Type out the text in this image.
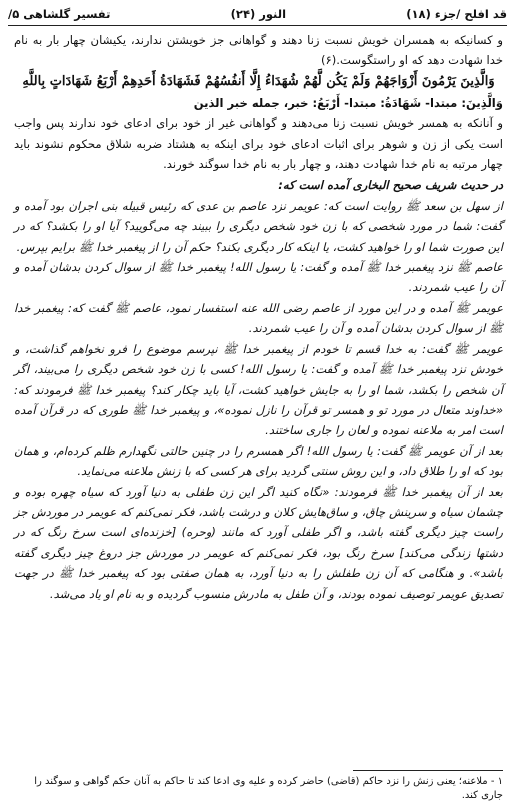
قد افلح /جزء (۱۸)
النور (۲۴)
تفسیر گلشاهی ۵/

و کسانیکه به همسران خویش نسبت زنا دهند و گواهانی جز خویشتن ندارند، یکیشان چهار بار به نام خدا شهادت دهد که او راستگوست.(۶)

وَالَّذِينَ يَرْمُونَ أَزْوَاجَهُمْ وَلَمْ يَكُن لَّهُمْ شُهَدَاءُ إِلَّا أَنفُسُهُمْ فَشَهَادَةُ أَحَدِهِمْ أَرْبَعُ شَهَادَاتٍ بِاللَّهِ

وَالَّذِينَ: مبتدا- شَهَادَةُ: مبتدا- أَرْبَعُ: خبر، جمله خبر الذین

و آنانکه به همسر خویش نسبت زنا می‌دهند و گواهانی غیر از خود برای ادعای خود ندارند پس واجب است یکی از زن و شوهر برای اثبات ادعای خود برای اینکه به هشتاد ضربه شلاق محکوم نشوند باید چهار مرتبه به نام خدا شهادت دهند، و چهار بار به نام خدا سوگند خورند.

در حدیث شریف صحیح البخاری آمده است که:

از سهل بن سعد ﷺ روایت است که: عویمر نزد عاصم بن عدی که رئیس قبیله بنی اجران بود آمده و گفت: شما در مورد شخصی که با زن خود شخص دیگری را ببیند چه می‌گویید؟ آیا او را بکشد؟ که در این صورت شما او را خواهید کشت، یا اینکه کار دیگری بکند؟ حکم آن را از پیغمبر خدا ﷺ برایم بپرس.

عاصم ﷺ نزد پیغمبر خدا ﷺ آمده و گفت: یا رسول الله! پیغمبر خدا ﷺ از سوال کردن بدشان آمده و آن را عیب شمردند.

عویمر ﷺ آمده و در این مورد از عاصم رضی الله عنه استفسار نمود، عاصم ﷺ گفت که: پیغمبر خدا ﷺ از سوال کردن بدشان آمده و آن را عیب شمردند.

عویمر ﷺ گفت: به خدا قسم تا خودم از پیغمبر خدا ﷺ نپرسم موضوع را فرو نخواهم گذاشت، و خودش نزد پیغمبر خدا ﷺ آمده و گفت: یا رسول الله! کسی با زن خود شخص دیگری را می‌بیند، اگر آن شخص را بکشد، شما او را به جایش خواهید کشت، آیا باید چکار کند؟ پیغمبر خدا ﷺ فرمودند که: «خداوند متعال در مورد تو و همسر تو قرآن را نازل نموده»، و پیغمبر خدا ﷺ طوری که در قرآن آمده است امر به ملاعنه نموده و لعان را جاری ساختند.

بعد از آن عویمر ﷺ گفت: یا رسول الله! اگر همسرم را در چنین حالتی نگهدارم ظلم کرده‌ام، و همان بود که او را طلاق داد، و این روش سنتی گردید برای هر کسی که با زنش ملاعنه می‌نماید.

بعد از آن پیغمبر خدا ﷺ فرمودند: «نگاه کنید اگر این زن طفلی به دنیا آورد که سیاه چهره بوده و چشمان سیاه و سرینش چاق، و ساق‌هایش کلان و درشت باشد، فکر نمی‌کنم که عویمر در موردش جز راست چیز دیگری گفته باشد، و اگر طفلی آورد که مانند (وحره) [خزنده‌ای است سرخ رنگ که در دشتها زندگی می‌کند] سرخ رنگ بود، فکر نمی‌کنم که عویمر در موردش جز دروغ چیز دیگری گفته باشد». و هنگامی که آن زن طفلش را به دنیا آورد، به همان صفتی بود که پیغمبر خدا ﷺ در جهت تصدیق عویمر توصیف نموده بودند، و آن طفل به مادرش منسوب گردیده و به نام او یاد می‌شد.

۱ - ملاعنه؛ یعنی زنش را نزد حاکم (قاضی) حاضر کرده و علیه وی ادعا کند تا حاکم به آنان حکم گواهی و سوگند را جاری کند.
